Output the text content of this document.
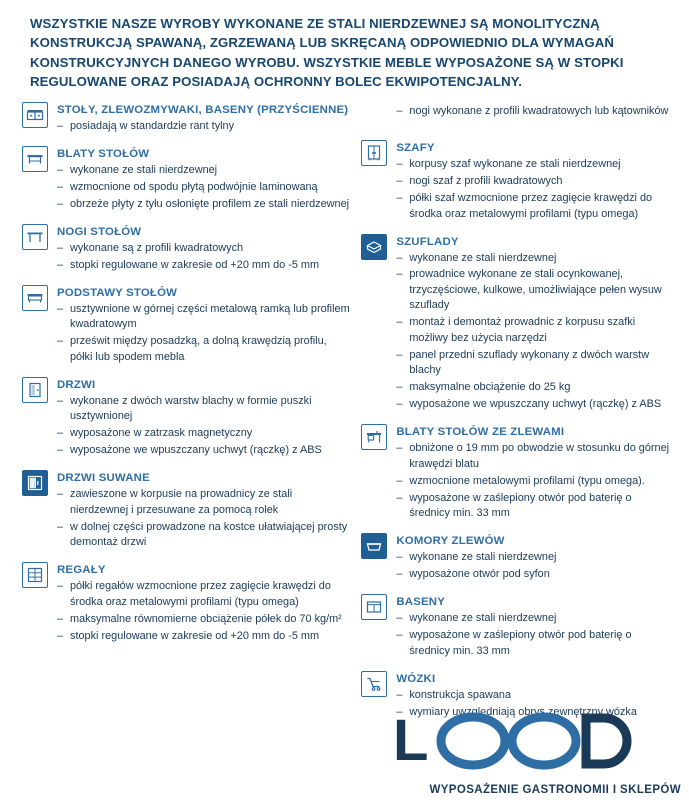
WSZYSTKIE NASZE WYROBY WYKONANE ZE STALI NIERDZEWNEJ SĄ MONOLITYCZNĄ KONSTRUKCJĄ SPAWANĄ, ZGRZEWANĄ LUB SKRĘCANĄ ODPOWIEDNIO DLA WYMAGAŃ KONSTRUKCYJNYCH DANEGO WYROBU. WSZYSTKIE MEBLE WYPOSAŻONE SĄ W STOPKI REGULOWANE ORAZ POSIADAJĄ OCHRONNY BOLEC EKWIPOTENCJALNY.
STOŁY, ZLEWOZMYWAKI, BASENY (PRZYŚCIENNE)
– posiadają w standardzie rant tylny
BLATY STOŁÓW
– wykonane ze stali nierdzewnej
– wzmocnione od spodu płytą podwójnie laminowaną
– obrzeże płyty z tyłu osłonięte profilem ze stali nierdzewnej
NOGI STOŁÓW
– wykonane są z profili kwadratowych
– stopki regulowane w zakresie od +20 mm do -5 mm
PODSTAWY STOŁÓW
– usztywnione w górnej części metalową ramką lub profilem kwadratowym
– prześwit między posadzką, a dolną krawędzią profilu, półki lub spodem mebla
DRZWI
– wykonane z dwóch warstw blachy w formie puszki usztywnionej
– wyposażone w zatrzask magnetyczny
– wyposażone we wpuszczany uchwyt (rączkę) z ABS
DRZWI SUWANE
– zawieszone w korpusie na prowadnicy ze stali nierdzewnej i przesuwane za pomocą rolek
– w dolnej części prowadzone na kostce ułatwiającej prosty demontaż drzwi
REGAŁY
– półki regałów wzmocnione przez zagięcie krawędzi do środka oraz metalowymi profilami (typu omega)
– maksymalne równomierne obciążenie półek do 70 kg/m²
– stopki regulowane w zakresie od +20 mm do -5 mm
– nogi wykonane z profili kwadratowych lub kątowników
SZAFY
– korpusy szaf wykonane ze stali nierdzewnej
– nogi szaf z profili kwadratowych
– półki szaf wzmocnione przez zagięcie krawędzi do środka oraz metalowymi profilami (typu omega)
SZUFLADY
– wykonane ze stali nierdzewnej
– prowadnice wykonane ze stali ocynkowanej, trzyczęściowe, kulkowe, umożliwiające pełen wysuw szuflady
– montaż i demontaż prowadnic z korpusu szafki możliwy bez użycia narzędzi
– panel przedni szuflady wykonany z dwóch warstw blachy
– maksymalne obciążenie do 25 kg
– wyposażone we wpuszczany uchwyt (rączkę) z ABS
BLATY STOŁÓW ZE ZLEWAMI
– obniżone o 19 mm po obwodzie w stosunku do górnej krawędzi blatu
– wzmocnione metalowymi profilami (typu omega).
– wyposażone w zaślepiony otwór pod baterię o średnicy min. 33 mm
KOMORY ZLEWÓW
– wykonane ze stali nierdzewnej
– wyposażone otwór pod syfon
BASENY
– wykonane ze stali nierdzewnej
– wyposażone w zaślepiony otwór pod baterię o średnicy min. 33 mm
WÓZKI
– konstrukcja spawana
– wymiary uwzględniają obrys zewnętrzny wózka
L
WYPOSAŻENIE GASTRONOMII I SKLEPÓW
